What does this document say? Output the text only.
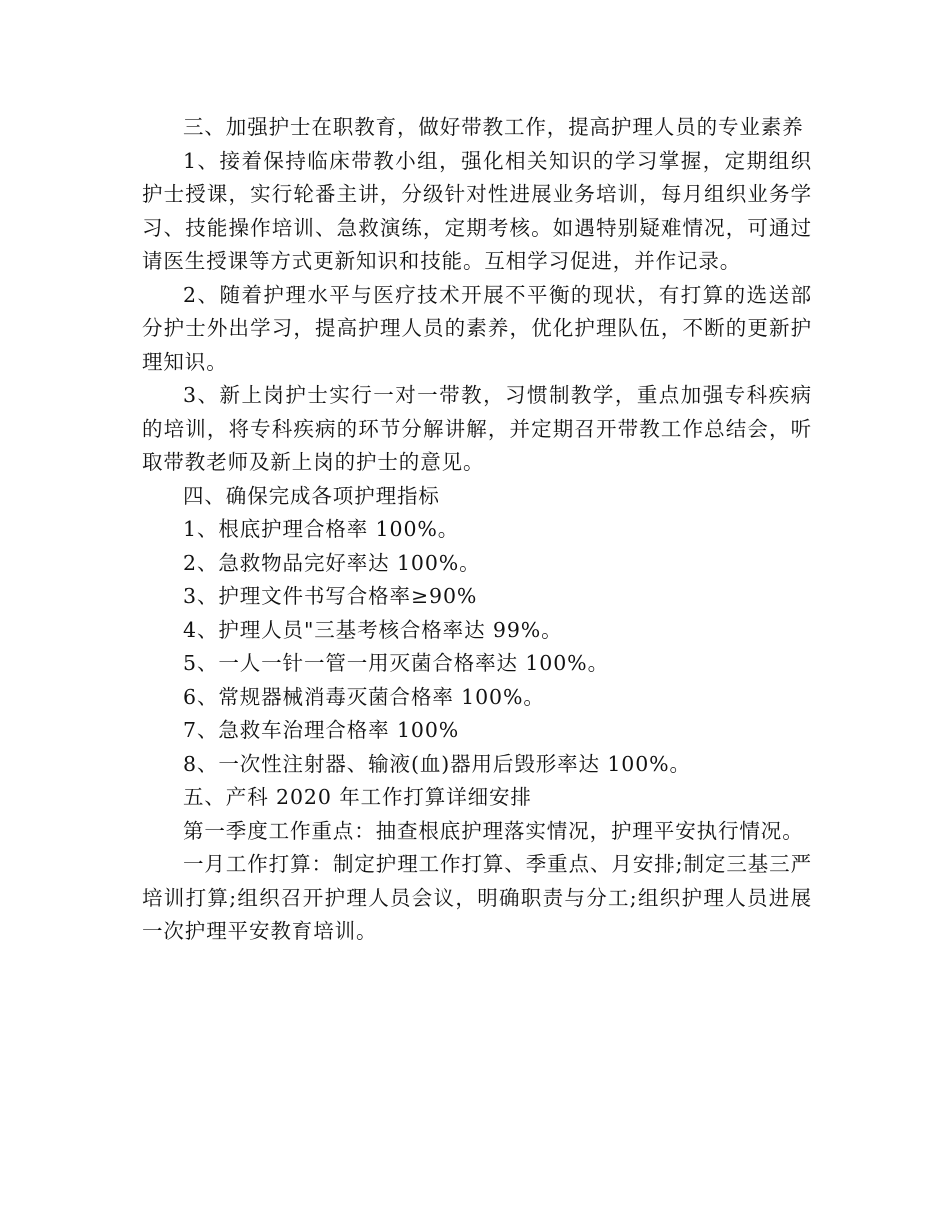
三、加强护士在职教育，做好带教工作，提高护理人员的专业素养

1、接着保持临床带教小组，强化相关知识的学习掌握，定期组织护士授课，实行轮番主讲，分级针对性进展业务培训，每月组织业务学习、技能操作培训、急救演练，定期考核。如遇特别疑难情况，可通过请医生授课等方式更新知识和技能。互相学习促进，并作记录。

2、随着护理水平与医疗技术开展不平衡的现状，有打算的选送部分护士外出学习，提高护理人员的素养，优化护理队伍，不断的更新护理知识。

3、新上岗护士实行一对一带教，习惯制教学，重点加强专科疾病的培训，将专科疾病的环节分解讲解，并定期召开带教工作总结会，听取带教老师及新上岗的护士的意见。

四、确保完成各项护理指标

1、根底护理合格率 100%。

2、急救物品完好率达 100%。

3、护理文件书写合格率≥90%

4、护理人员"三基考核合格率达 99%。

5、一人一针一管一用灭菌合格率达 100%。

6、常规器械消毒灭菌合格率 100%。

7、急救车治理合格率 100%

8、一次性注射器、输液(血)器用后毁形率达 100%。

五、产科 2020 年工作打算详细安排

第一季度工作重点：抽查根底护理落实情况，护理平安执行情况。

一月工作打算：制定护理工作打算、季重点、月安排;制定三基三严培训打算;组织召开护理人员会议，明确职责与分工;组织护理人员进展一次护理平安教育培训。
